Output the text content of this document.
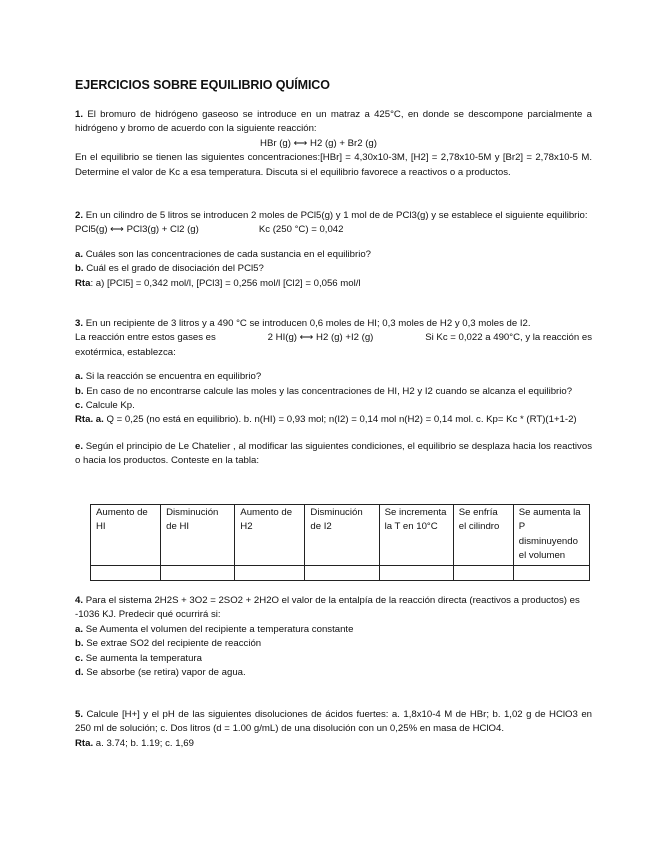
EJERCICIOS SOBRE EQUILIBRIO QUÍMICO

1. El bromuro de hidrógeno gaseoso se introduce en un matraz a 425°C, en donde se descompone parcialmente a hidrógeno y bromo de acuerdo con la siguiente reacción:

HBr (g) ⟷ H2 (g) + Br2 (g)

En el equilibrio se tienen las siguientes concentraciones:[HBr] = 4,30x10-3M, [H2] = 2,78x10-5M y [Br2] = 2,78x10-5 M. Determine el valor de Kc a esa temperatura. Discuta si el equilibrio favorece a reactivos o a productos.

2. En un cilindro de 5 litros se introducen 2 moles de PCl5(g) y 1 mol de de PCl3(g) y se establece el siguiente equilibrio:

PCl5(g) ⟷ PCl3(g) + Cl2 (g)	Kc (250 °C) = 0,042

a. Cuáles son las concentraciones de cada sustancia en el equilibrio?

b. Cuál es el grado de disociación del PCl5?

Rta: a) [PCl5] = 0,342 mol/l, [PCl3] = 0,256 mol/l [Cl2] = 0,056 mol/l

3. En un recipiente de 3 litros y a 490 °C se introducen 0,6 moles de HI; 0,3 moles de H2 y 0,3 moles de I2.

La reacción entre estos gases es	2 HI(g) ⟷ H2 (g) +I2 (g)	Si Kc = 0,022 a 490°C, y la reacción es

exotérmica, establezca:

a. Si la reacción se encuentra en equilibrio?

b. En caso de no encontrarse calcule las moles y las concentraciones de HI, H2 y I2 cuando se alcanza el equilibrio?

c. Calcule Kp.

Rta. a. Q = 0,25 (no está en equilibrio). b. n(HI) = 0,93 mol; n(I2) = 0,14 mol n(H2) = 0,14 mol. c. Kp= Kc * (RT)(1+1-2)

e. Según el principio de Le Chatelier , al modificar las siguientes condiciones, el equilibrio se desplaza hacia los reactivos o hacia los productos. Conteste en la tabla:

Aumento de HI	Disminución de HI	Aumento de H2	Disminución de I2	Se incrementa la T en 10°C	Se enfría el cilindro	Se aumenta la P disminuyendo el volumen

4. Para el sistema 2H2S + 3O2 = 2SO2 + 2H2O el valor de la entalpía de la reacción directa (reactivos a productos) es

-1036 KJ. Predecir qué ocurrirá si:

a. Se Aumenta el volumen del recipiente a temperatura constante

b. Se extrae SO2 del recipiente de reacción

c. Se aumenta la temperatura

d. Se absorbe (se retira) vapor de agua.

5. Calcule [H+] y el pH de las siguientes disoluciones de ácidos fuertes: a. 1,8x10-4 M de HBr; b. 1,02 g de HClO3 en 250 ml de solución; c. Dos litros (d = 1.00 g/mL) de una disolución con un 0,25% en masa de HClO4.

Rta. a. 3.74; b. 1.19; c. 1,69
